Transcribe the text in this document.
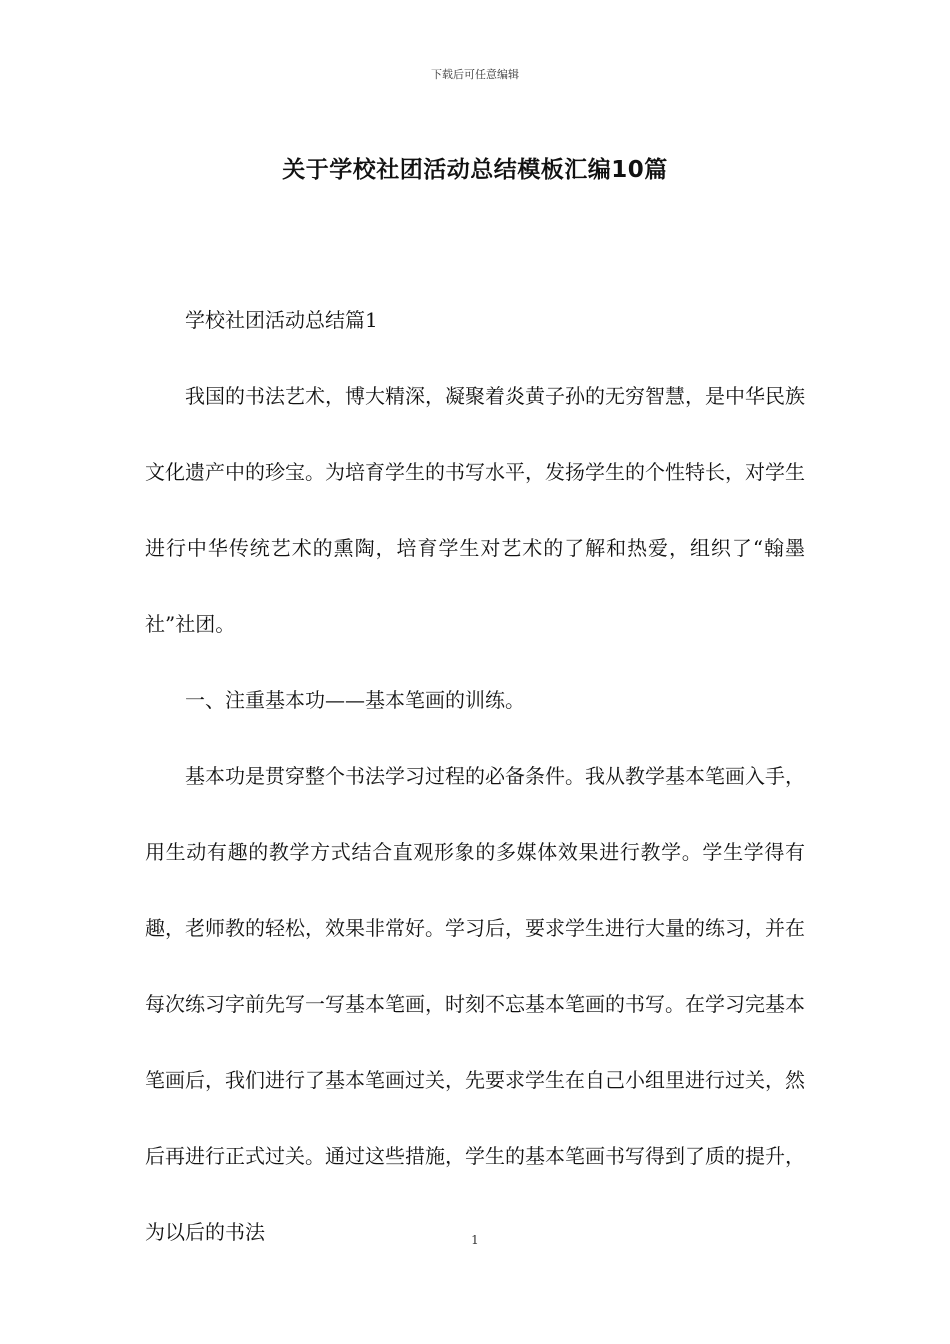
下载后可任意编辑
关于学校社团活动总结模板汇编10篇

学校社团活动总结篇1

我国的书法艺术，博大精深，凝聚着炎黄子孙的无穷智慧，是中华民族文化遗产中的珍宝。为培育学生的书写水平，发扬学生的个性特长，对学生进行中华传统艺术的熏陶，培育学生对艺术的了解和热爱，组织了“翰墨社”社团。

一、注重基本功——基本笔画的训练。

基本功是贯穿整个书法学习过程的必备条件。我从教学基本笔画入手，用生动有趣的教学方式结合直观形象的多媒体效果进行教学。学生学得有趣，老师教的轻松，效果非常好。学习后，要求学生进行大量的练习，并在每次练习字前先写一写基本笔画，时刻不忘基本笔画的书写。在学习完基本笔画后，我们进行了基本笔画过关，先要求学生在自己小组里进行过关，然后再进行正式过关。通过这些措施，学生的基本笔画书写得到了质的提升，为以后的书法	1
